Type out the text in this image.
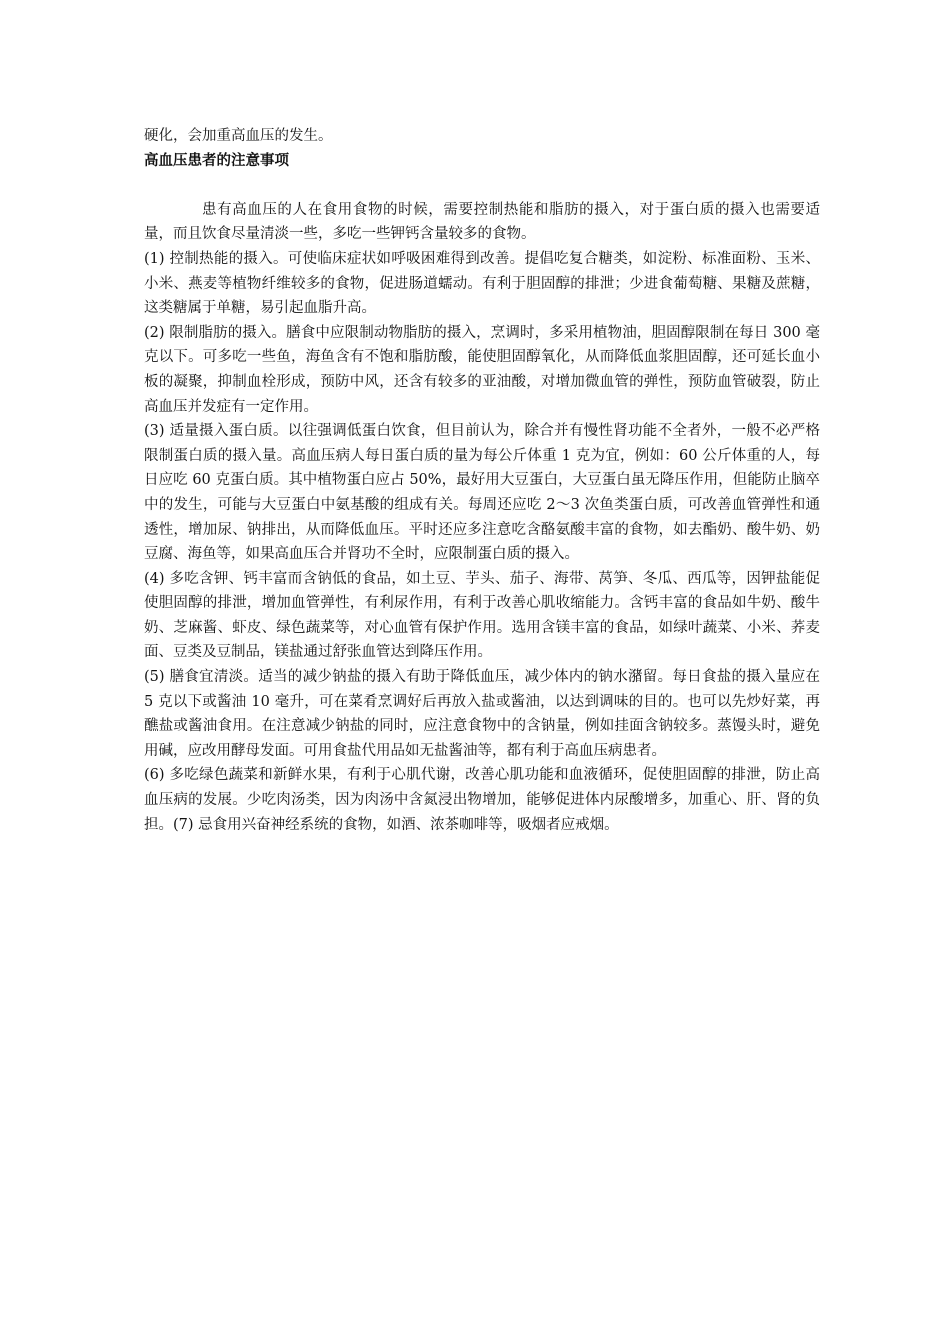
硬化，会加重高血压的发生。

高血压患者的注意事项

患有高血压的人在食用食物的时候，需要控制热能和脂肪的摄入，对于蛋白质的摄入也需要适量，而且饮食尽量清淡一些，多吃一些钾钙含量较多的食物。

(1) 控制热能的摄入。可使临床症状如呼吸困难得到改善。提倡吃复合糖类，如淀粉、标准面粉、玉米、小米、燕麦等植物纤维较多的食物，促进肠道蠕动。有利于胆固醇的排泄；少进食葡萄糖、果糖及蔗糖，这类糖属于单糖，易引起血脂升高。

(2) 限制脂肪的摄入。膳食中应限制动物脂肪的摄入，烹调时，多采用植物油，胆固醇限制在每日 300 毫克以下。可多吃一些鱼，海鱼含有不饱和脂肪酸，能使胆固醇氧化，从而降低血浆胆固醇，还可延长血小板的凝聚，抑制血栓形成，预防中风，还含有较多的亚油酸，对增加微血管的弹性，预防血管破裂，防止高血压并发症有一定作用。

(3) 适量摄入蛋白质。以往强调低蛋白饮食，但目前认为，除合并有慢性肾功能不全者外，一般不必严格限制蛋白质的摄入量。高血压病人每日蛋白质的量为每公斤体重 1 克为宜，例如：60 公斤体重的人，每日应吃 60 克蛋白质。其中植物蛋白应占 50%，最好用大豆蛋白，大豆蛋白虽无降压作用，但能防止脑卒中的发生，可能与大豆蛋白中氨基酸的组成有关。每周还应吃 2～3 次鱼类蛋白质，可改善血管弹性和通透性，增加尿、钠排出，从而降低血压。平时还应多注意吃含酪氨酸丰富的食物，如去酯奶、酸牛奶、奶豆腐、海鱼等，如果高血压合并肾功不全时，应限制蛋白质的摄入。

(4) 多吃含钾、钙丰富而含钠低的食品，如土豆、芋头、茄子、海带、莴笋、冬瓜、西瓜等，因钾盐能促使胆固醇的排泄，增加血管弹性，有利尿作用，有利于改善心肌收缩能力。含钙丰富的食品如牛奶、酸牛奶、芝麻酱、虾皮、绿色蔬菜等，对心血管有保护作用。选用含镁丰富的食品，如绿叶蔬菜、小米、荞麦面、豆类及豆制品，镁盐通过舒张血管达到降压作用。

(5) 膳食宜清淡。适当的减少钠盐的摄入有助于降低血压，减少体内的钠水潴留。每日食盐的摄入量应在 5 克以下或酱油 10 毫升，可在菜肴烹调好后再放入盐或酱油，以达到调味的目的。也可以先炒好菜，再醮盐或酱油食用。在注意减少钠盐的同时，应注意食物中的含钠量，例如挂面含钠较多。蒸馒头时，避免用碱，应改用酵母发面。可用食盐代用品如无盐酱油等，都有利于高血压病患者。

(6) 多吃绿色蔬菜和新鲜水果，有利于心肌代谢，改善心肌功能和血液循环，促使胆固醇的排泄，防止高血压病的发展。少吃肉汤类，因为肉汤中含氮浸出物增加，能够促进体内尿酸增多，加重心、肝、肾的负担。(7) 忌食用兴奋神经系统的食物，如酒、浓茶咖啡等，吸烟者应戒烟。
